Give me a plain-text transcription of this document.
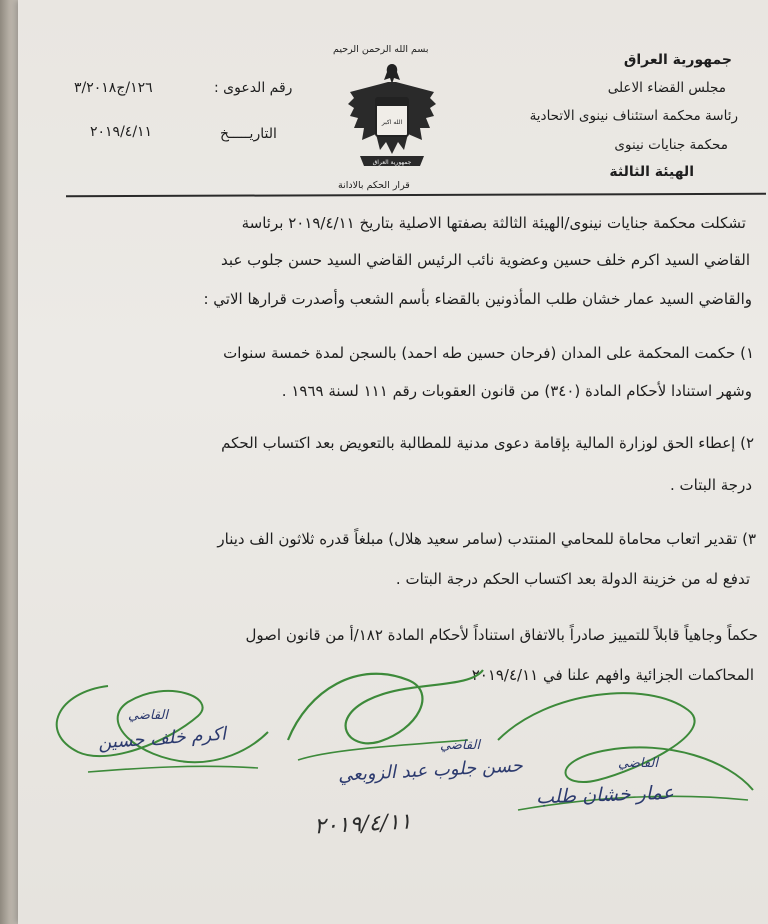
جمهورية العراق
مجلس القضاء الاعلى
رئاسة محكمة استئناف نينوى الاتحادية
محكمة جنايات نينوى
الهيئة الثالثة
بسم الله الرحمن الرحيم
الله اكبر
جمهورية العراق
قرار الحكم بالادانة
رقم الدعوى :
١٢٦/ج٣/٢٠١٨
التاريـــــخ
٢٠١٩/٤/١١
تشكلت محكمة جنايات نينوى/الهيئة الثالثة بصفتها الاصلية بتاريخ ٢٠١٩/٤/١١ برئاسة
القاضي السيد اكرم خلف حسين وعضوية نائب الرئيس القاضي السيد حسن جلوب عبد
والقاضي السيد عمار خشان طلب المأذونين بالقضاء بأسم الشعب وأصدرت قرارها الاتي :
١) حكمت المحكمة على المدان (فرحان حسين طه احمد) بالسجن لمدة خمسة سنوات
وشهر استنادا لأحكام المادة (٣٤٠) من قانون العقوبات رقم ١١١ لسنة ١٩٦٩ .
٢) إعطاء الحق لوزارة المالية بإقامة دعوى مدنية للمطالبة بالتعويض بعد اكتساب الحكم
درجة البتات .
٣) تقدير اتعاب محاماة للمحامي المنتدب (سامر سعيد هلال) مبلغاً قدره ثلاثون الف دينار
تدفع له من خزينة الدولة بعد اكتساب الحكم درجة البتات .
حكماً وجاهياً قابلاً للتمييز صادراً بالاتفاق استناداً لأحكام المادة ١٨٢/أ من قانون اصول
المحاكمات الجزائية وافهم علنا في ٢٠١٩/٤/١١
القاضي
اكرم خلف حسين	القاضي
حسن جلوب عبد الزوبعي	القاضي
عمار خشان طلب
٢٠١٩/٤/١١
